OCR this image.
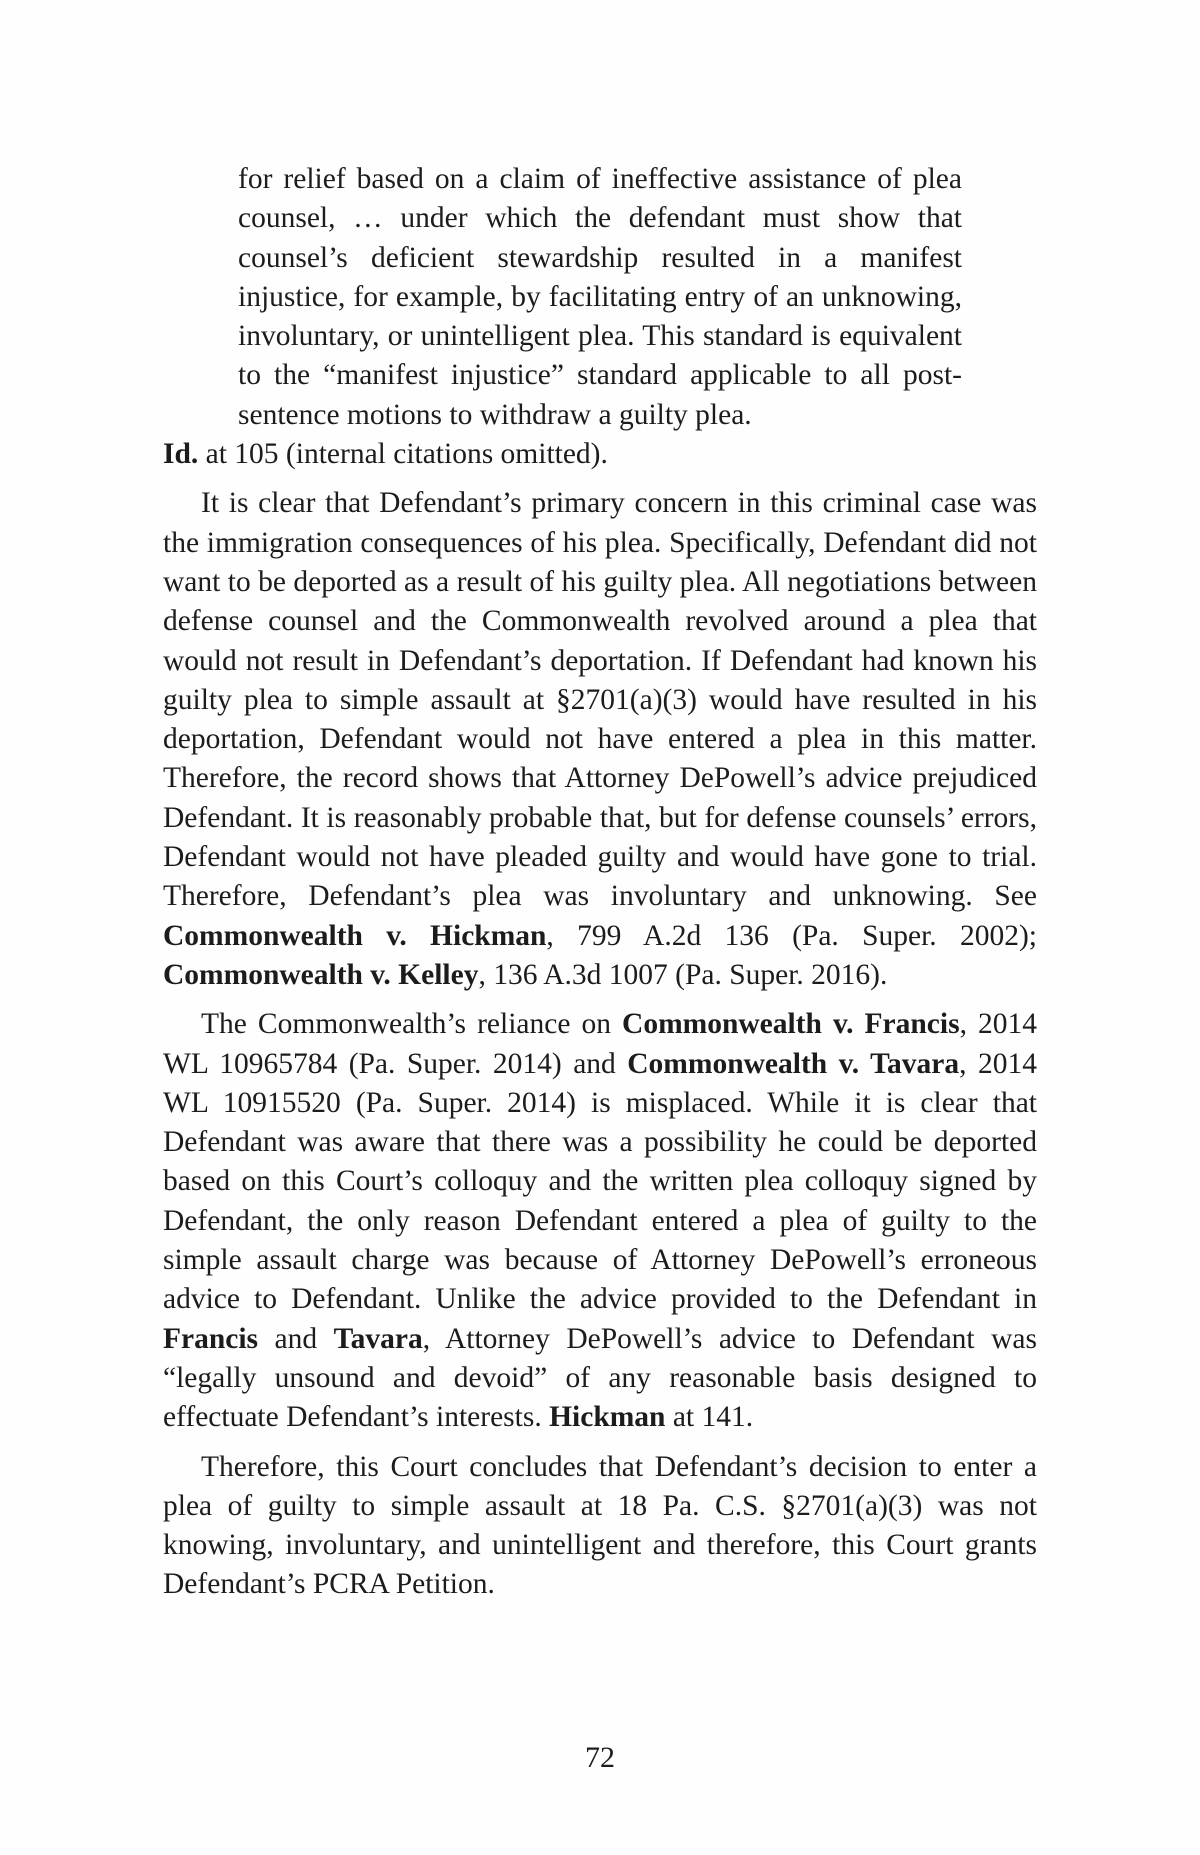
for relief based on a claim of ineffective assistance of plea counsel, … under which the defendant must show that counsel’s deficient stewardship resulted in a manifest injustice, for example, by facilitating entry of an unknowing, involuntary, or unintelligent plea. This standard is equivalent to the “manifest injustice” standard applicable to all post-sentence motions to withdraw a guilty plea.

Id. at 105 (internal citations omitted).

It is clear that Defendant’s primary concern in this criminal case was the immigration consequences of his plea. Specifically, Defendant did not want to be deported as a result of his guilty plea. All negotiations between defense counsel and the Commonwealth revolved around a plea that would not result in Defendant’s deportation. If Defendant had known his guilty plea to simple assault at §2701(a)(3) would have resulted in his deportation, Defendant would not have entered a plea in this matter. Therefore, the record shows that Attorney DePowell’s advice prejudiced Defendant. It is reasonably probable that, but for defense counsels’ errors, Defendant would not have pleaded guilty and would have gone to trial. Therefore, Defendant’s plea was involuntary and unknowing. See Commonwealth v. Hickman, 799 A.2d 136 (Pa. Super. 2002); Commonwealth v. Kelley, 136 A.3d 1007 (Pa. Super. 2016).

The Commonwealth’s reliance on Commonwealth v. Francis, 2014 WL 10965784 (Pa. Super. 2014) and Commonwealth v. Tavara, 2014 WL 10915520 (Pa. Super. 2014) is misplaced. While it is clear that Defendant was aware that there was a possibility he could be deported based on this Court’s colloquy and the written plea colloquy signed by Defendant, the only reason Defendant entered a plea of guilty to the simple assault charge was because of Attorney DePowell’s erroneous advice to Defendant. Unlike the advice provided to the Defendant in Francis and Tavara, Attorney DePowell’s advice to Defendant was “legally unsound and devoid” of any reasonable basis designed to effectuate Defendant’s interests. Hickman at 141.

Therefore, this Court concludes that Defendant’s decision to enter a plea of guilty to simple assault at 18 Pa. C.S. §2701(a)(3) was not knowing, involuntary, and unintelligent and therefore, this Court grants Defendant’s PCRA Petition.

72
